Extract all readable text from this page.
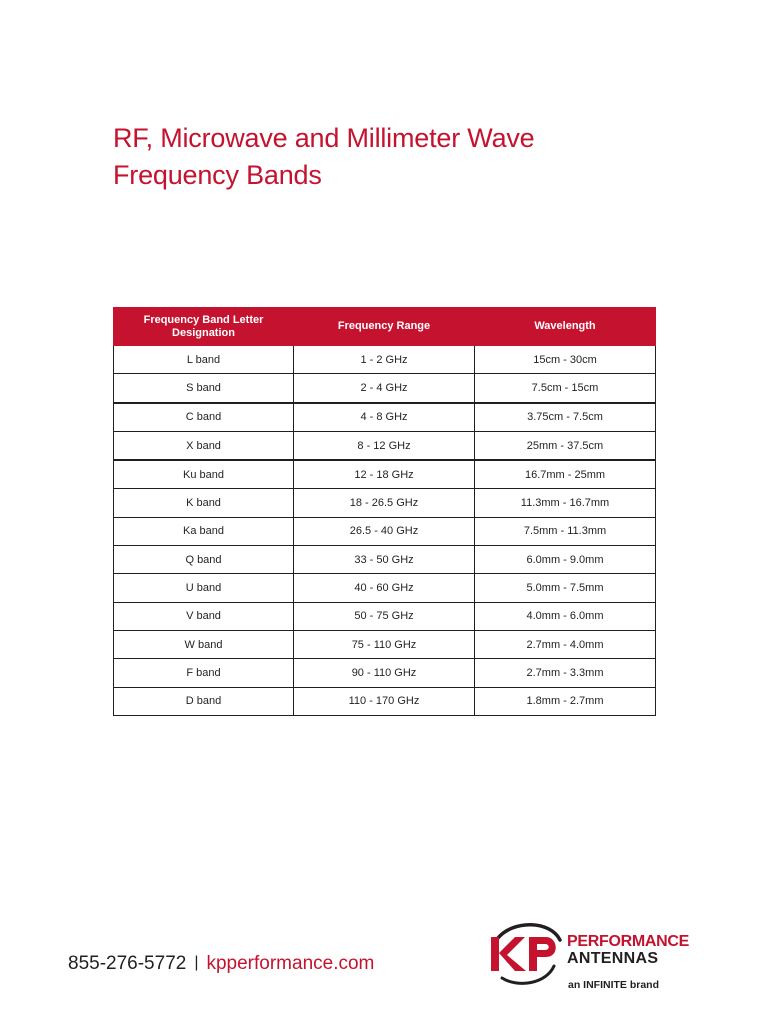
RF, Microwave and Millimeter Wave
Frequency Bands
Frequency Band Letter Designation	Frequency Range	Wavelength
L band	1 - 2 GHz	15cm - 30cm
S band	2 - 4 GHz	7.5cm - 15cm
C band	4 - 8 GHz	3.75cm - 7.5cm
X band	8 - 12 GHz	25mm - 37.5cm
Ku band	12 - 18 GHz	16.7mm - 25mm
K band	18 - 26.5 GHz	11.3mm - 16.7mm
Ka band	26.5 - 40 GHz	7.5mm - 11.3mm
Q band	33 - 50 GHz	6.0mm - 9.0mm
U band	40 - 60 GHz	5.0mm - 7.5mm
V band	50 - 75 GHz	4.0mm - 6.0mm
W band	75 - 110 GHz	2.7mm - 4.0mm
F band	90 - 110 GHz	2.7mm - 3.3mm
D band	110 - 170 GHz	1.8mm - 2.7mm
855-276-5772 | kpperformance.com
PERFORMANCE
ANTENNAS
an INFINITE brand
